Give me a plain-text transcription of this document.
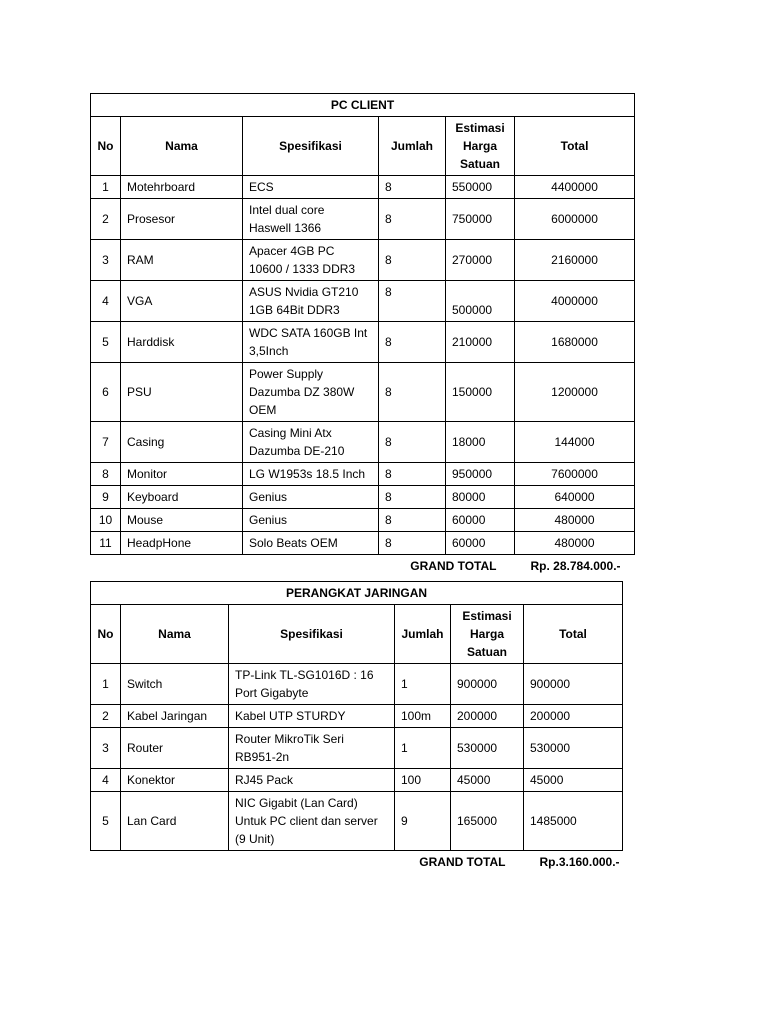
PC CLIENT					
No	Nama	Spesifikasi	Jumlah	Estimasi
Harga
Satuan	Total
1	Motehrboard	ECS	8	550000	4400000
2	Prosesor	Intel dual core
Haswell 1366	8	750000	6000000
3	RAM	Apacer 4GB PC
10600 / 1333 DDR3	8	270000	2160000
4	VGA	ASUS Nvidia GT210
1GB 64Bit DDR3	8	500000	4000000
5	Harddisk	WDC SATA 160GB Int
3,5Inch	8	210000	1680000
6	PSU	Power Supply
Dazumba DZ 380W
OEM	8	150000	1200000
7	Casing	Casing Mini Atx
Dazumba DE-210	8	18000	144000
8	Monitor	LG W1953s 18.5 Inch	8	950000	7600000
9	Keyboard	Genius	8	80000	640000
10	Mouse	Genius	8	60000	480000
11	HeadpHone	Solo Beats OEM	8	60000	480000
GRAND TOTAL					Rp. 28.784.000.-
PERANGKAT JARINGAN					
No	Nama	Spesifikasi	Jumlah	Estimasi
Harga
Satuan	Total
1	Switch	TP-Link TL-SG1016D : 16
Port Gigabyte	1	900000	900000
2	Kabel Jaringan	Kabel UTP STURDY	100m	200000	200000
3	Router	Router MikroTik Seri
RB951-2n	1	530000	530000
4	Konektor	RJ45 Pack	100	45000	45000
5	Lan Card	NIC Gigabit (Lan Card)
Untuk PC client dan server
(9 Unit)	9	165000	1485000
GRAND TOTAL					Rp.3.160.000.-
